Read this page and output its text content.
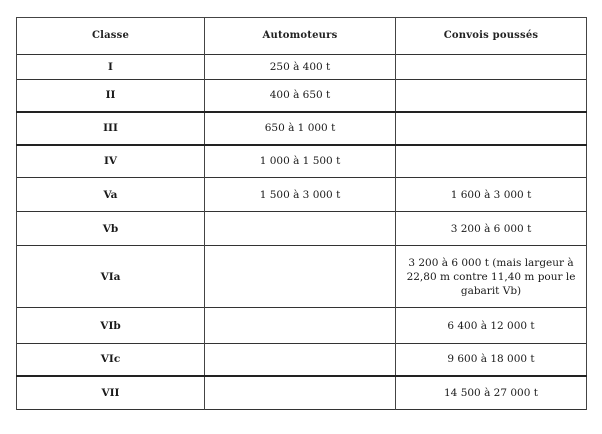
Classe	Automoteurs	Convois poussés
I	250 à 400 t	
II	400 à 650 t	
III	650 à 1 000 t	
IV	1 000 à 1 500 t	
Va	1 500 à 3 000 t	1 600 à 3 000 t
Vb		3 200 à 6 000 t
VIa		3 200 à 6 000 t (mais largeur à 22,80 m contre 11,40 m pour le gabarit Vb)
VIb		6 400 à 12 000 t
VIc		9 600 à 18 000 t
VII		14 500 à 27 000 t
